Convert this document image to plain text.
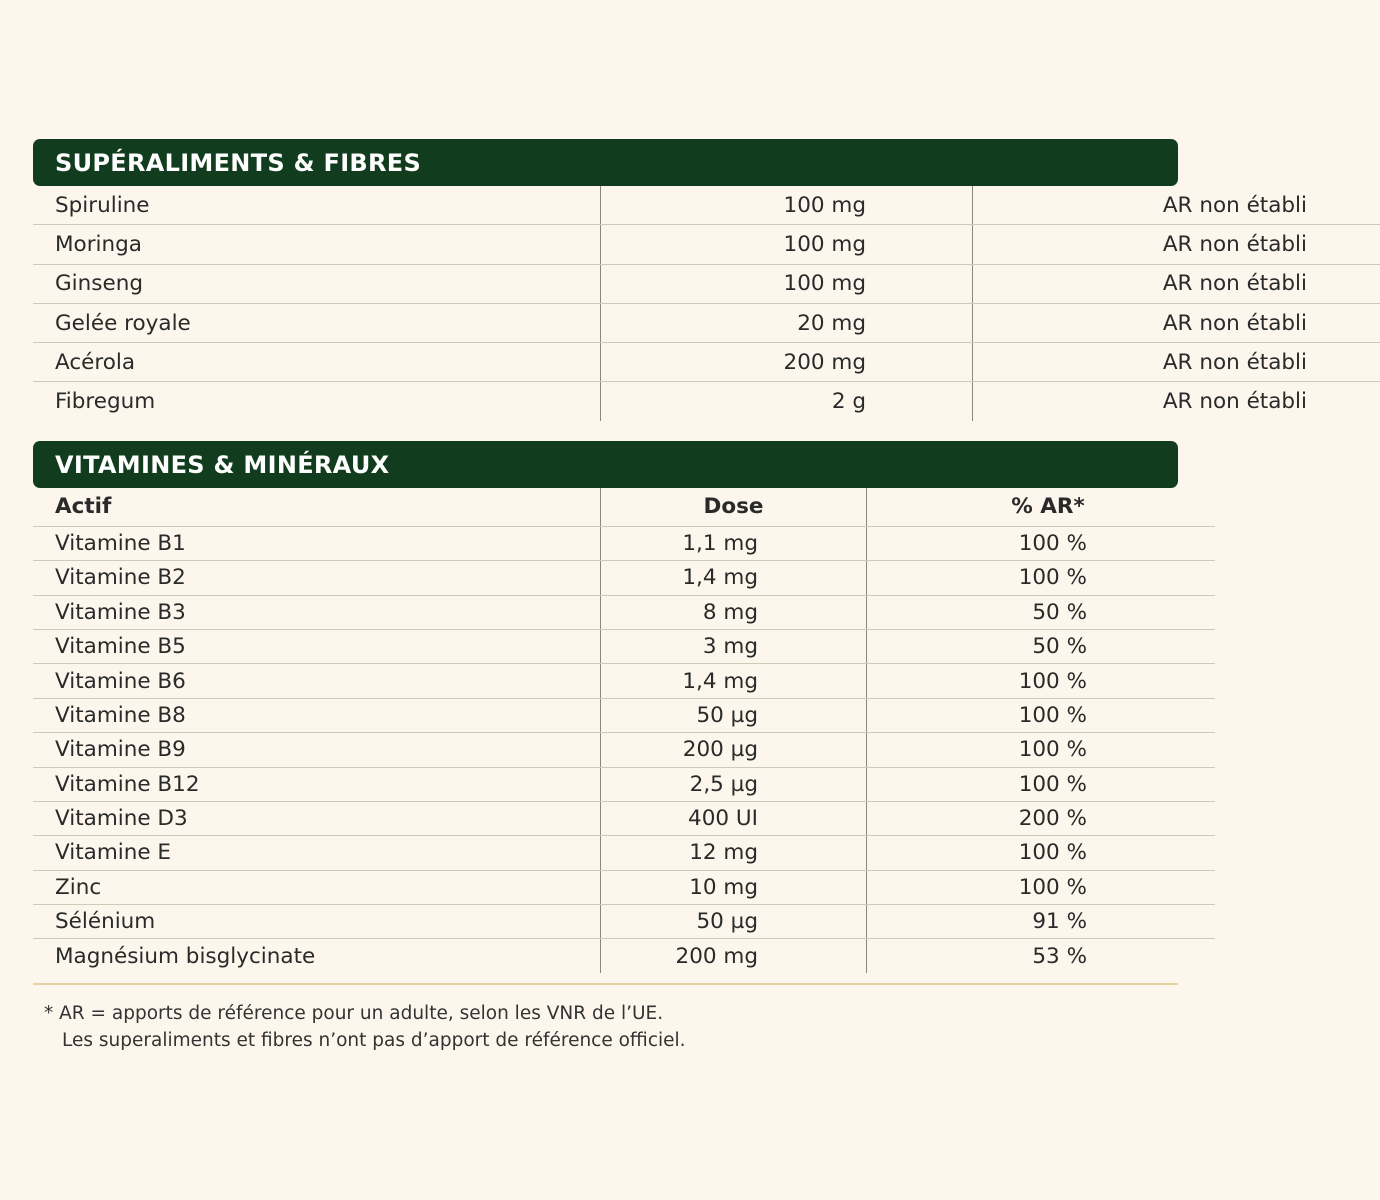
SUPÉRALIMENTS & FIBRES
Spiruline	100 mg	AR non établi
Moringa	100 mg	AR non établi
Ginseng	100 mg	AR non établi
Gelée royale	20 mg	AR non établi
Acérola	200 mg	AR non établi
Fibregum	2 g	AR non établi
VITAMINES & MINÉRAUX
Actif	Dose	% AR*
Vitamine B1	1,1 mg	100 %
Vitamine B2	1,4 mg	100 %
Vitamine B3	8 mg	50 %
Vitamine B5	3 mg	50 %
Vitamine B6	1,4 mg	100 %
Vitamine B8	50 µg	100 %
Vitamine B9	200 µg	100 %
Vitamine B12	2,5 µg	100 %
Vitamine D3	400 UI	200 %
Vitamine E	12 mg	100 %
Zinc	10 mg	100 %
Sélénium	50 µg	91 %
Magnésium bisglycinate	200 mg	53 %
* AR = apports de référence pour un adulte, selon les VNR de l’UE.
Les superaliments et fibres n’ont pas d’apport de référence officiel.
